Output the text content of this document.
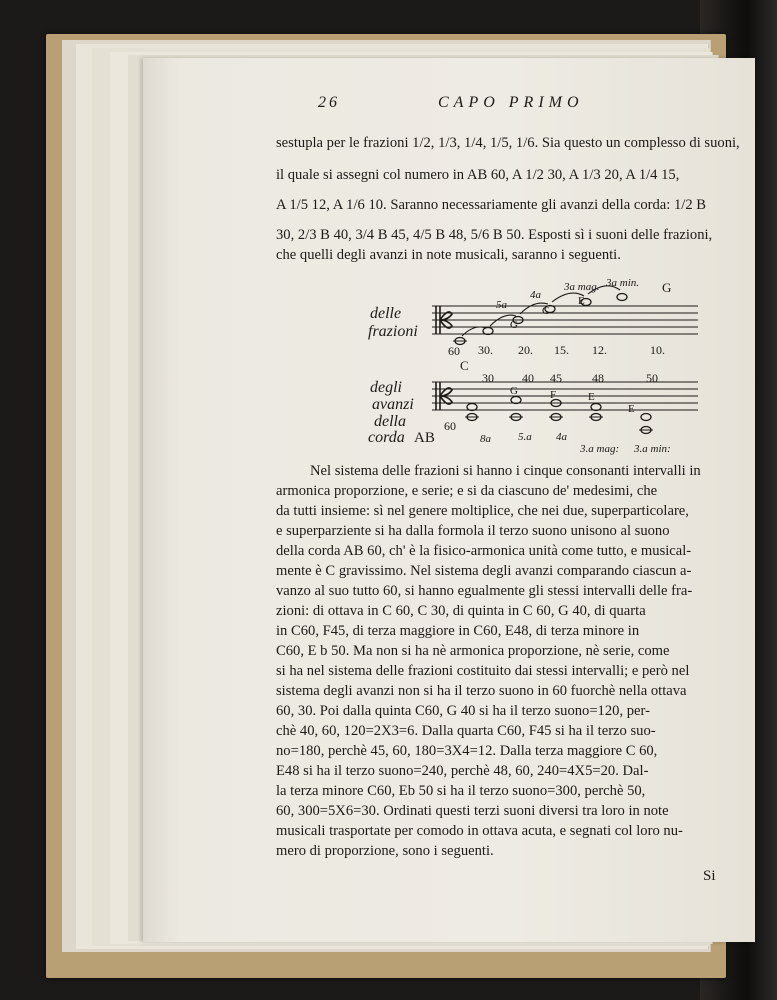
26	CAPO PRIMO
sestupla per le frazioni 1/2, 1/3, 1/4, 1/5, 1/6. Sia questo un complesso di suoni,
il quale si assegni col numero in AB 60, A 1/2 30, A 1/3 20, A 1/4 15,
A 1/5 12, A 1/6 10. Saranno necessariamente gli avanzi della corda: 1/2 B
30, 2/3 B 40, 3/4 B 45, 4/5 B 48, 5/6 B 50. Esposti sì i suoni delle frazioni,
che quelli degli avanzi in note musicali, saranno i seguenti.
delle
frazioni
5a
4a
3a mag. 3a min.
G
C
E
G
60 30. 20. 15. 12.	10.
C
degli
avanzi
della
corda AB
60
30 40 45	48	50
G	F	E
E
8a 5.a 4a
3.a mag: 3.a min:
Nel sistema delle frazioni si hanno i cinque consonanti intervalli in
armonica proporzione, e serie; e si da ciascuno de' medesimi, che
da tutti insieme: sì nel genere moltiplice, che nei due, superparticolare,
e superparziente si ha dalla formola il terzo suono unisono al suono
della corda AB 60, ch' è la fisico-armonica unità come tutto, e musical-
mente è C gravissimo. Nel sistema degli avanzi comparando ciascun a-
vanzo al suo tutto 60, si hanno egualmente gli stessi intervalli delle fra-
zioni: di ottava in C 60, C 30, di quinta in C 60, G 40, di quarta
in C60, F45, di terza maggiore in C60, E48, di terza minore in
C60, E b 50. Ma non si ha nè armonica proporzione, nè serie, come
si ha nel sistema delle frazioni costituito dai stessi intervalli; e però nel
sistema degli avanzi non si ha il terzo suono in 60 fuorchè nella ottava
60, 30. Poi dalla quinta C60, G 40 si ha il terzo suono=120, per-
chè 40, 60, 120=2X3=6. Dalla quarta C60, F45 si ha il terzo suo-
no=180, perchè 45, 60, 180=3X4=12. Dalla terza maggiore C 60,
E48 si ha il terzo suono=240, perchè 48, 60, 240=4X5=20. Dal-
la terza minore C60, Eb 50 si ha il terzo suono=300, perchè 50,
60, 300=5X6=30. Ordinati questi terzi suoni diversi tra loro in note
musicali trasportate per comodo in ottava acuta, e segnati col loro nu-
mero di proporzione, sono i seguenti.
Si
